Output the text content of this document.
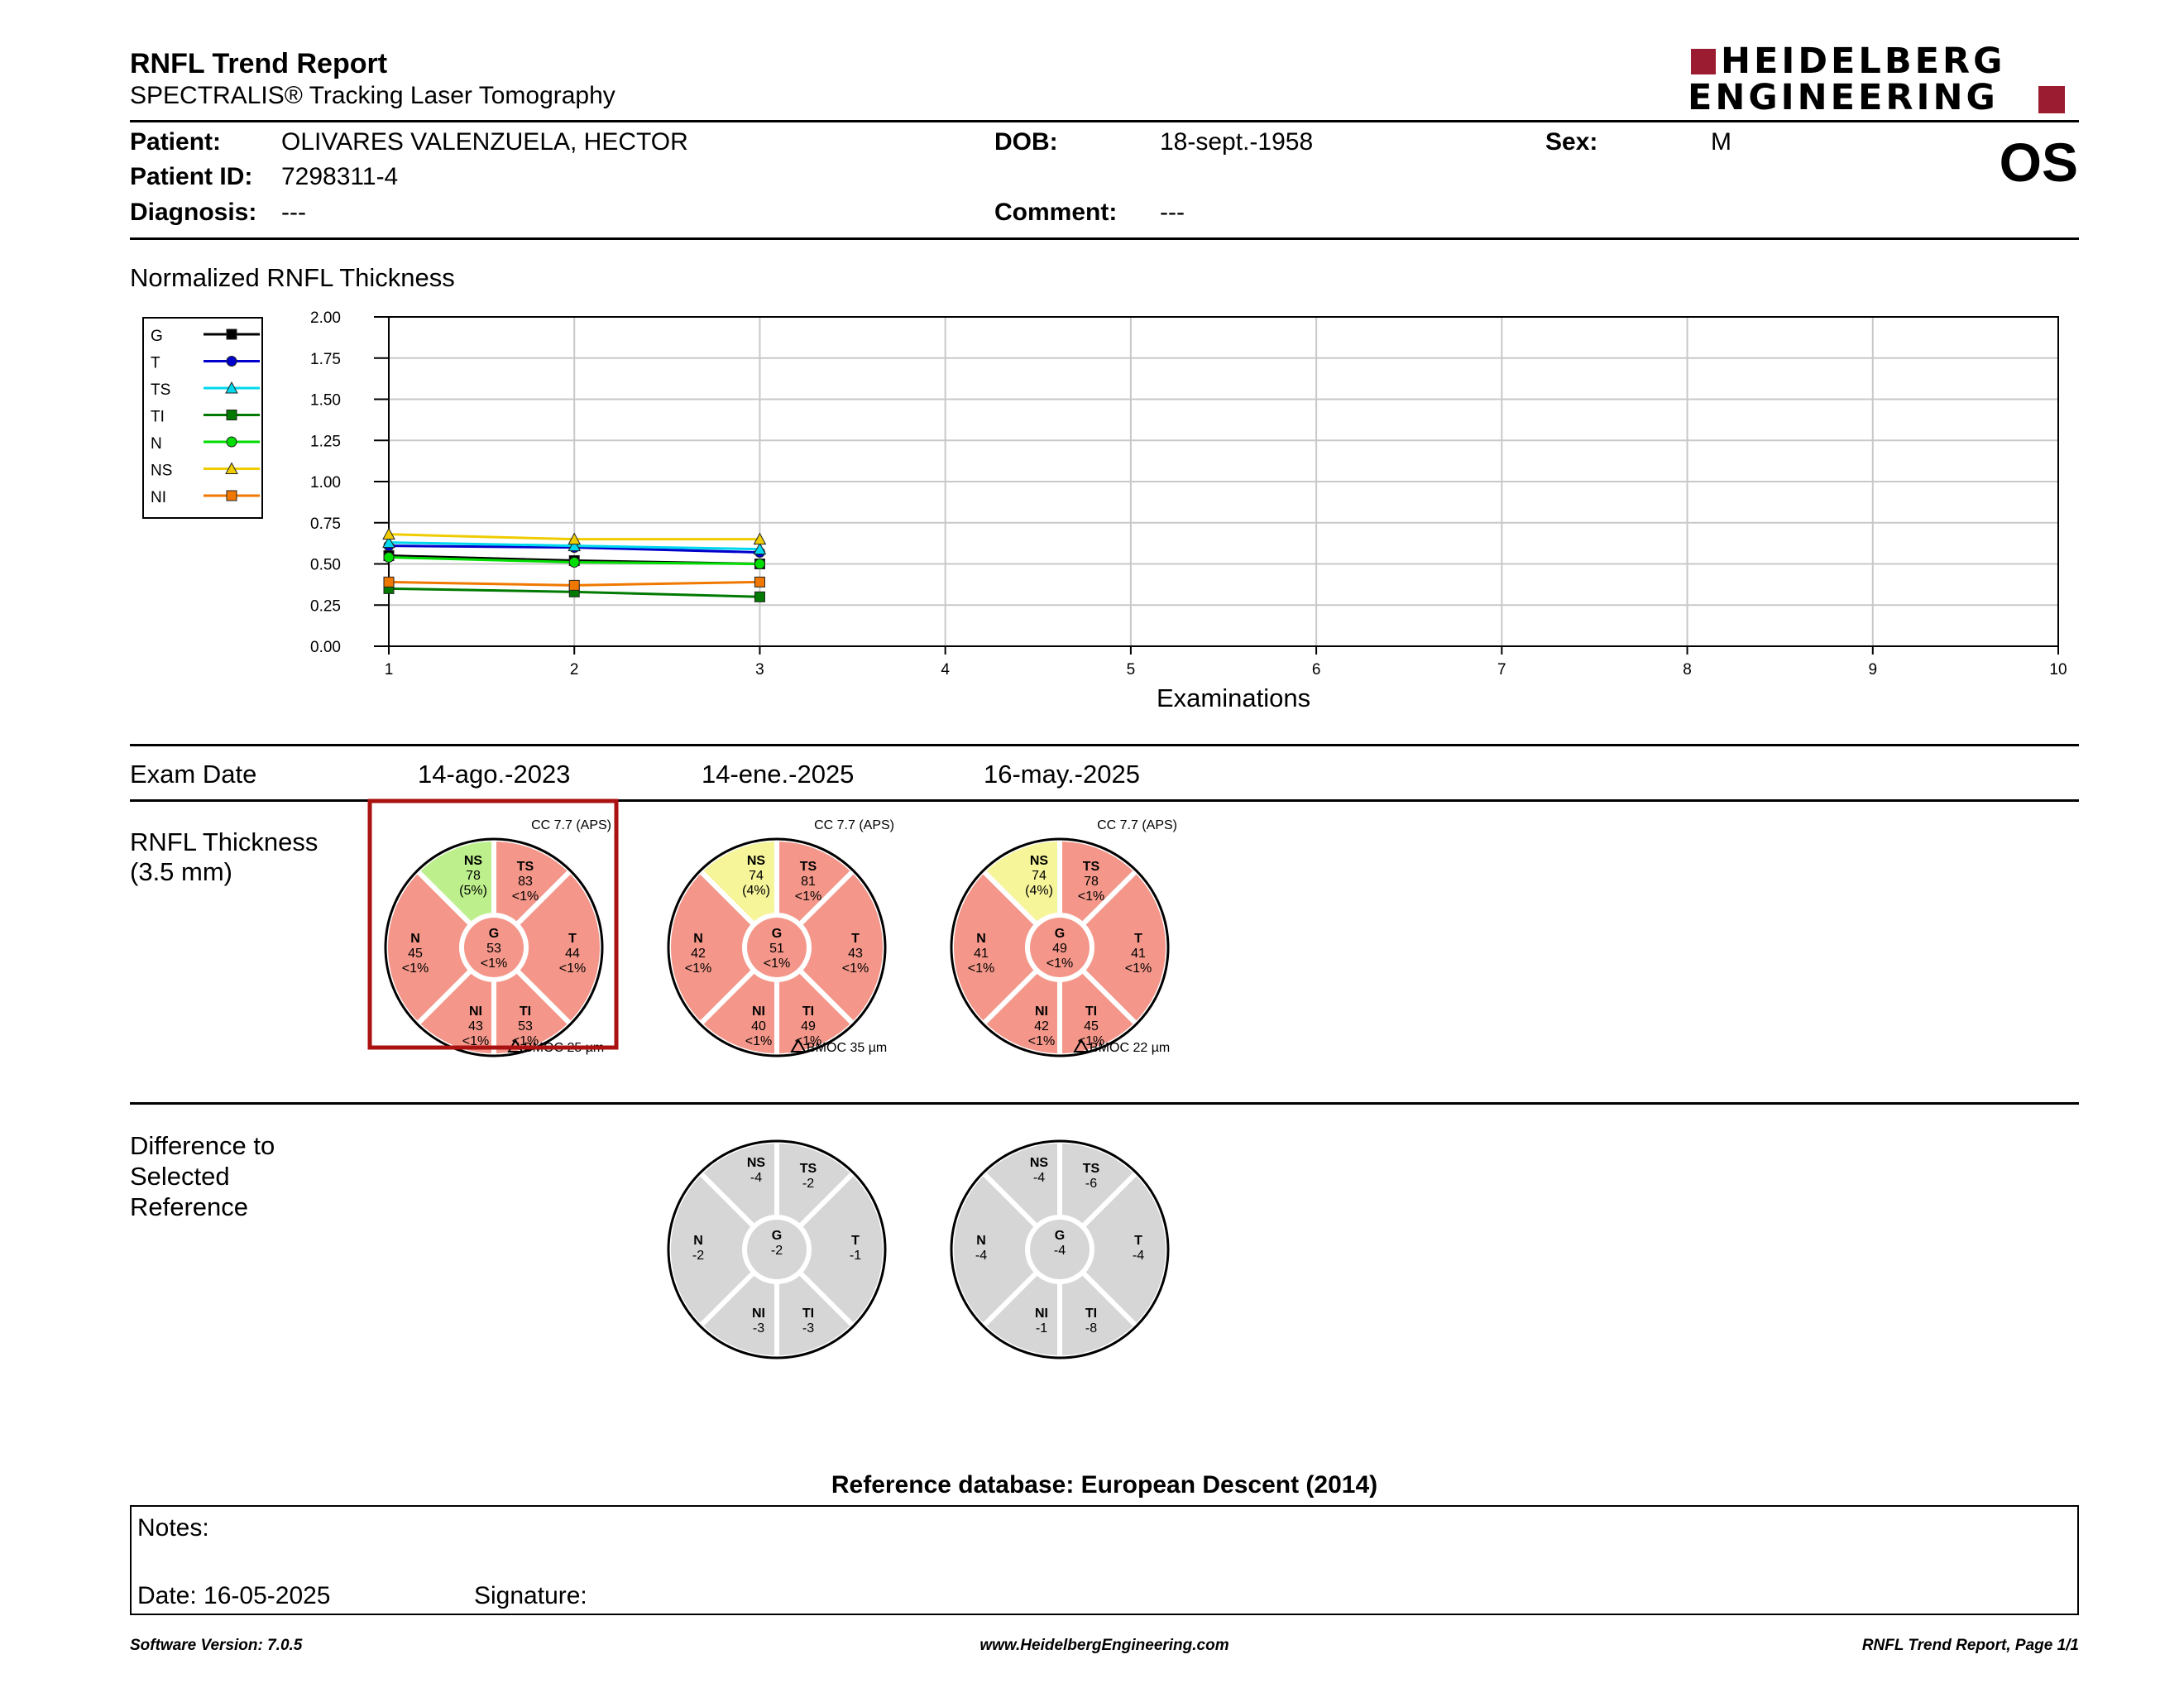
RNFL Trend Report
SPECTRALIS® Tracking Laser Tomography
HEIDELBERG
ENGINEERING
Patient: OLIVARES VALENZUELA, HECTOR
Patient ID: 7298311-4
Diagnosis: ---
DOB:	18-sept.-1958
Comment: ---
Sex:	M	OS
Normalized RNFL Thickness
G
T
TS
TI
N
NS
NI
0.00
0.25
0.50
0.75
1.00
1.25
1.50
1.75
2.00
1	2	3	4	5	6	7	8	9	10
Examinations
Exam Date	14-ago.-2023	14-ene.-2025	16-may.-2025
RNFL Thickness
(3.5 mm)	TS
83
<1%
T
44
<1%
TI
53
<1%
NI
43
<1%
N
45
<1%
NS
78
(5%)
G
53
<1%
CC 7.7 (APS)
BMOC 25 µm
TS
81
<1%
T
43
<1%
TI
49
<1%
NI
40
<1%
N
42
<1%
NS
74
(4%)
G
51
<1%
CC 7.7 (APS)
BMOC 35 µm
TS
78
<1%
T
41
<1%
TI
45
<1%
NI
42
<1%
N
41
<1%
NS
74
(4%)
G
49
<1%
CC 7.7 (APS)
BMOC 22 µm
Difference to
Selected
Reference
TS
-2
T
-1
TI
-3
NI
-3
N
-2
NS
-4
G
-2
TS
-6
T
-4
TI
-8
NI
-1
N
-4
NS
-4
G
-4
Reference database: European Descent (2014)
Notes:
Date: 16-05-2025	Signature:
Software Version: 7.0.5	www.HeidelbergEngineering.com	RNFL Trend Report, Page 1/1
